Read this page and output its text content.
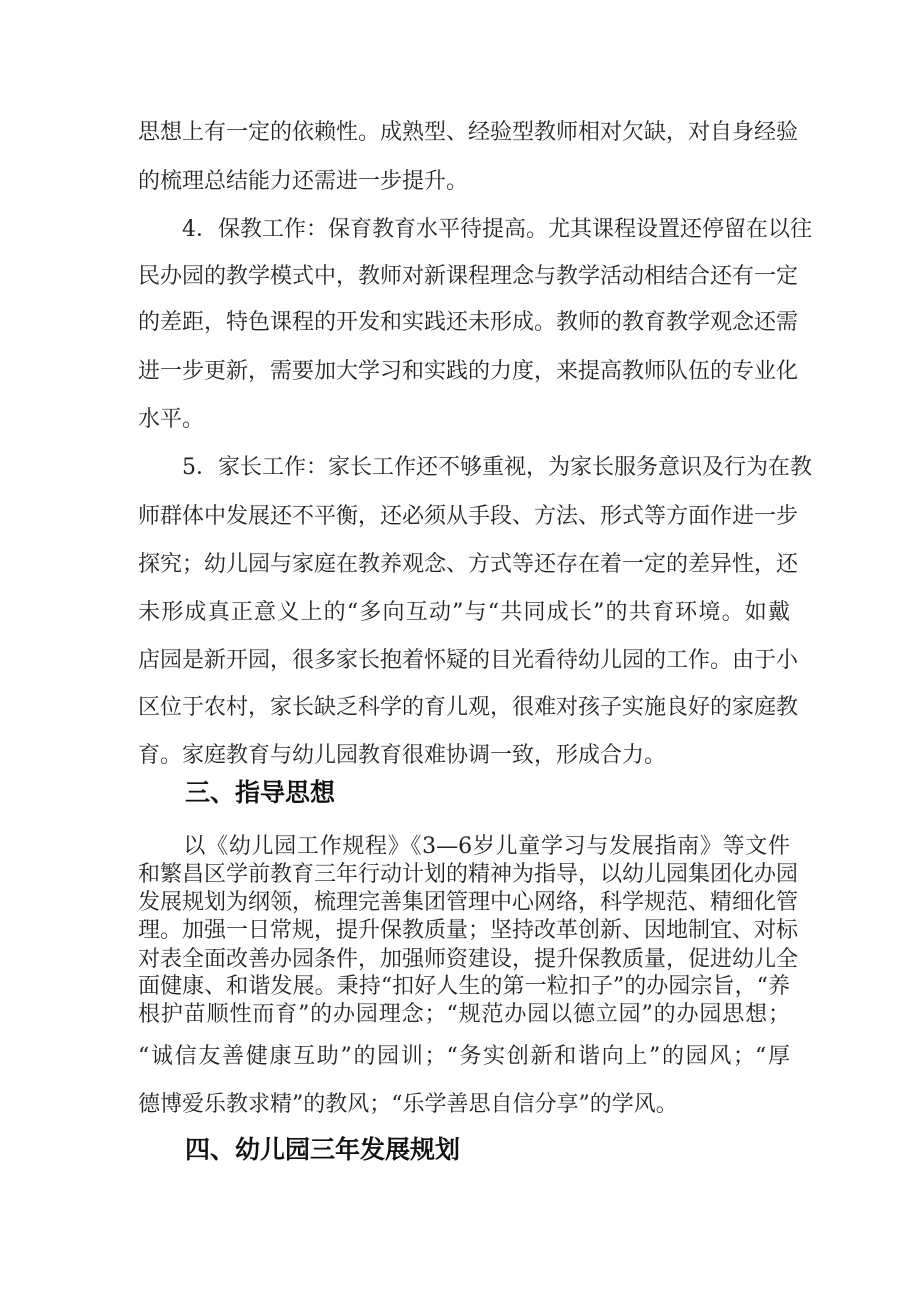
思想上有一定的依赖性。成熟型、经验型教师相对欠缺，对自身经验
的梳理总结能力还需进一步提升。
　　4．保教工作：保育教育水平待提高。尤其课程设置还停留在以往
民办园的教学模式中，教师对新课程理念与教学活动相结合还有一定
的差距，特色课程的开发和实践还未形成。教师的教育教学观念还需
进一步更新，需要加大学习和实践的力度，来提高教师队伍的专业化
水平。
　　5．家长工作：家长工作还不够重视，为家长服务意识及行为在教
师群体中发展还不平衡，还必须从手段、方法、形式等方面作进一步
探究；幼儿园与家庭在教养观念、方式等还存在着一定的差异性，还
未形成真正意义上的“多向互动”与“共同成长”的共育环境。如戴
店园是新开园，很多家长抱着怀疑的目光看待幼儿园的工作。由于小
区位于农村，家长缺乏科学的育儿观，很难对孩子实施良好的家庭教
育。家庭教育与幼儿园教育很难协调一致，形成合力。
三、指导思想
　　以《幼儿园工作规程》《3—6岁儿童学习与发展指南》等文件
和繁昌区学前教育三年行动计划的精神为指导，以幼儿园集团化办园
发展规划为纲领，梳理完善集团管理中心网络，科学规范、精细化管
理。加强一日常规，提升保教质量；坚持改革创新、因地制宜、对标
对表全面改善办园条件，加强师资建设，提升保教质量，促进幼儿全
面健康、和谐发展。秉持“扣好人生的第一粒扣子”的办园宗旨，“养
根护苗顺性而育”的办园理念；“规范办园以德立园”的办园思想；
“诚信友善健康互助”的园训；“务实创新和谐向上”的园风；“厚
德博爱乐教求精”的教风；“乐学善思自信分享”的学风。
四、幼儿园三年发展规划
